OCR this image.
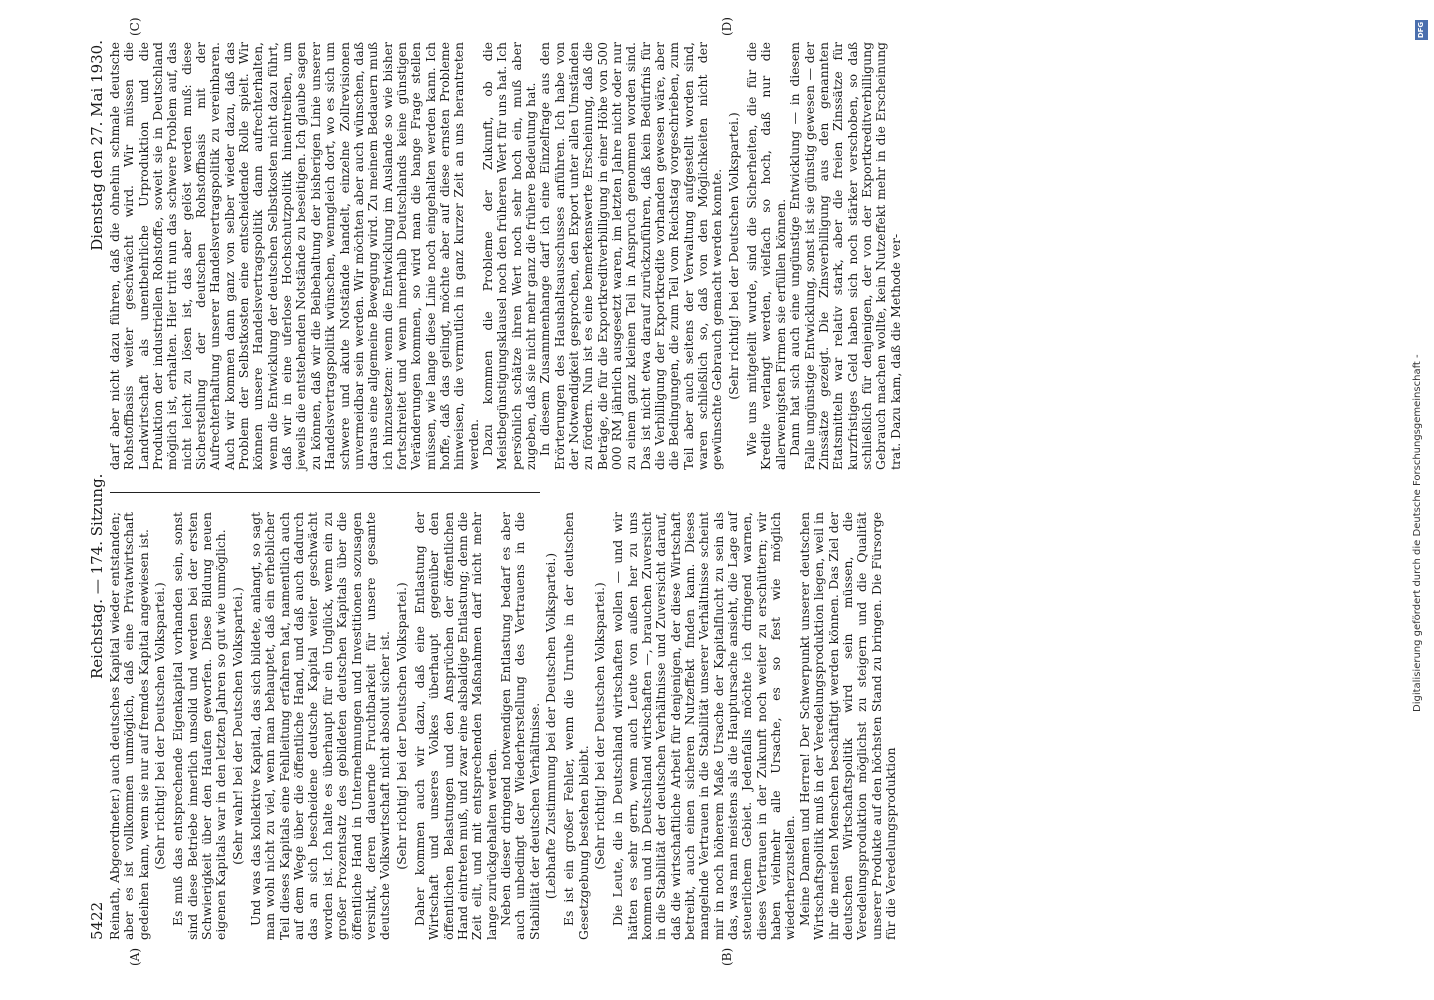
5422
Reichstag. — 174. Sitzung.
Dienstag den 27. Mai 1930.
(A)	(B)
(C)	(D)

Reinath, Abgeordneter.) auch deutsches Kapital wieder entstanden; aber es ist vollkommen unmöglich, daß eine Privatwirtschaft gedeihen kann, wenn sie nur auf fremdes Kapital angewiesen ist. (Sehr richtig! bei der Deutschen Volkspartei.) Es muß das entsprechende Eigenkapital vorhanden sein, sonst sind diese Betriebe innerlich unsolid und werden bei der ersten Schwierigkeit über den Haufen geworfen. Diese Bildung neuen eigenen Kapitals war in den letzten Jahren so gut wie unmöglich. (Sehr wahr! bei der Deutschen Volkspartei.) Und was das kollektive Kapital, das sich bildete, anlangt, so sagt man wohl nicht zu viel, wenn man behauptet, daß ein erheblicher Teil dieses Kapitals eine Fehlleitung erfahren hat, namentlich auch auf dem Wege über die öffentliche Hand, und daß auch dadurch das an sich bescheidene deutsche Kapital weiter geschwächt worden ist. Ich halte es überhaupt für ein Unglück, wenn ein zu großer Prozentsatz des gebildeten deutschen Kapitals über die öffentliche Hand in Unternehmungen und Investitionen sozusagen versinkt, deren dauernde Fruchtbarkeit für unsere gesamte deutsche Volkswirtschaft nicht absolut sicher ist. (Sehr richtig! bei der Deutschen Volkspartei.) Daher kommen auch wir dazu, daß eine Entlastung der Wirtschaft und unseres Volkes überhaupt gegenüber den öffentlichen Belastungen und den Ansprüchen der öffentlichen Hand eintreten muß, und zwar eine alsbaldige Entlastung; denn die Zeit eilt, und mit entsprechenden Maßnahmen darf nicht mehr lange zurückgehalten werden. Neben dieser dringend notwendigen Entlastung bedarf es aber auch unbedingt der Wiederherstellung des Vertrauens in die Stabilität der deutschen Verhältnisse. (Lebhafte Zustimmung bei der Deutschen Volkspartei.) Es ist ein großer Fehler, wenn die Unruhe in der deutschen Gesetzgebung bestehen bleibt. (Sehr richtig! bei der Deutschen Volkspartei.) Die Leute, die in Deutschland wirtschaften wollen — und wir hätten es sehr gern, wenn auch Leute von außen her zu uns kommen und in Deutschland wirtschaften —, brauchen Zuversicht in die Stabilität der deutschen Verhältnisse und Zuversicht darauf, daß die wirtschaftliche Arbeit für denjenigen, der diese Wirtschaft betreibt, auch einen sicheren Nutzeffekt finden kann. Dieses mangelnde Vertrauen in die Stabilität unserer Verhältnisse scheint mir in noch höherem Maße Ursache der Kapitalflucht zu sein als das, was man meistens als die Hauptursache ansieht, die Lage auf steuerlichem Gebiet. Jedenfalls möchte ich dringend warnen, dieses Vertrauen in der Zukunft noch weiter zu erschüttern; wir haben vielmehr alle Ursache, es so fest wie möglich wiederherzustellen. Meine Damen und Herren! Der Schwerpunkt unserer deutschen Wirtschaftspolitik muß in der Veredelungsproduktion liegen, weil in ihr die meisten Menschen beschäftigt werden können. Das Ziel der deutschen Wirtschaftspolitik wird sein müssen, die Veredelungsproduktion möglichst zu steigern und die Qualität unserer Produkte auf den höchsten Stand zu bringen. Die Fürsorge für die Veredelungsproduktion

darf aber nicht dazu führen, daß die ohnehin schmale deutsche Rohstoffbasis weiter geschwächt wird. Wir müssen die Landwirtschaft als unentbehrliche Urproduktion und die Produktion der industriellen Rohstoffe, soweit sie in Deutschland möglich ist, erhalten. Hier tritt nun das schwere Problem auf, das nicht leicht zu lösen ist, das aber gelöst werden muß: diese Sicherstellung der deutschen Rohstoffbasis mit der Aufrechterhaltung unserer Handelsvertragspolitik zu vereinbaren. Auch wir kommen dann ganz von selber wieder dazu, daß das Problem der Selbstkosten eine entscheidende Rolle spielt. Wir können unsere Handelsvertragspolitik dann aufrechterhalten, wenn die Entwicklung der deutschen Selbstkosten nicht dazu führt, daß wir in eine uferlose Hochschutzpolitik hineintreiben, um jeweils die entstehenden Notstände zu beseitigen. Ich glaube sagen zu können, daß wir die Beibehaltung der bisherigen Linie unserer Handelsvertragspolitik wünschen, wenngleich dort, wo es sich um schwere und akute Notstände handelt, einzelne Zollrevisionen unvermeidbar sein werden. Wir möchten aber auch wünschen, daß daraus eine allgemeine Bewegung wird. Zu meinem Bedauern muß ich hinzusetzen: wenn die Entwicklung im Auslande so wie bisher fortschreitet und wenn innerhalb Deutschlands keine günstigen Veränderungen kommen, so wird man die bange Frage stellen müssen, wie lange diese Linie noch eingehalten werden kann. Ich hoffe, daß das gelingt, möchte aber auf diese ernsten Probleme hinweisen, die vermutlich in ganz kurzer Zeit an uns herantreten werden. Dazu kommen die Probleme der Zukunft, ob die Meistbegünstigungsklausel noch den früheren Wert für uns hat. Ich persönlich schätze ihren Wert noch sehr hoch ein, muß aber zugeben, daß sie nicht mehr ganz die frühere Bedeutung hat. In diesem Zusammenhange darf ich eine Einzelfrage aus den Erörterungen des Haushaltsausschusses anführen. Ich habe von der Notwendigkeit gesprochen, den Export unter allen Umständen zu fördern. Nun ist es eine bemerkenswerte Erscheinung, daß die Beträge, die für die Exportkreditverbilligung in einer Höhe von 500 000 RM jährlich ausgesetzt waren, im letzten Jahre nicht oder nur zu einem ganz kleinen Teil in Anspruch genommen worden sind. Das ist nicht etwa darauf zurückzuführen, daß kein Bedürfnis für die Verbilligung der Exportkredite vorhanden gewesen wäre, aber die Bedingungen, die zum Teil vom Reichstag vorgeschrieben, zum Teil aber auch seitens der Verwaltung aufgestellt worden sind, waren schließlich so, daß von den Möglichkeiten nicht der gewünschte Gebrauch gemacht werden konnte. (Sehr richtig! bei der Deutschen Volkspartei.) Wie uns mitgeteilt wurde, sind die Sicherheiten, die für die Kredite verlangt werden, vielfach so hoch, daß nur die allerwenigsten Firmen sie erfüllen können. Dann hat sich auch eine ungünstige Entwicklung — in diesem Falle ungünstige Entwicklung, sonst ist sie günstig gewesen — der Zinssätze gezeigt. Die Zinsverbilligung aus den genannten Etatsmitteln war relativ stark, aber die freien Zinssätze für kurzfristiges Geld haben sich noch stärker verschoben, so daß schließlich für denjenigen, der von der Exportkreditverbilligung Gebrauch machen wollte, kein Nutzeffekt mehr in die Erscheinung trat. Dazu kam, daß die Methode ver-

Digitalisierung gefördert durch die Deutsche Forschungsgemeinschaft -
DFG
